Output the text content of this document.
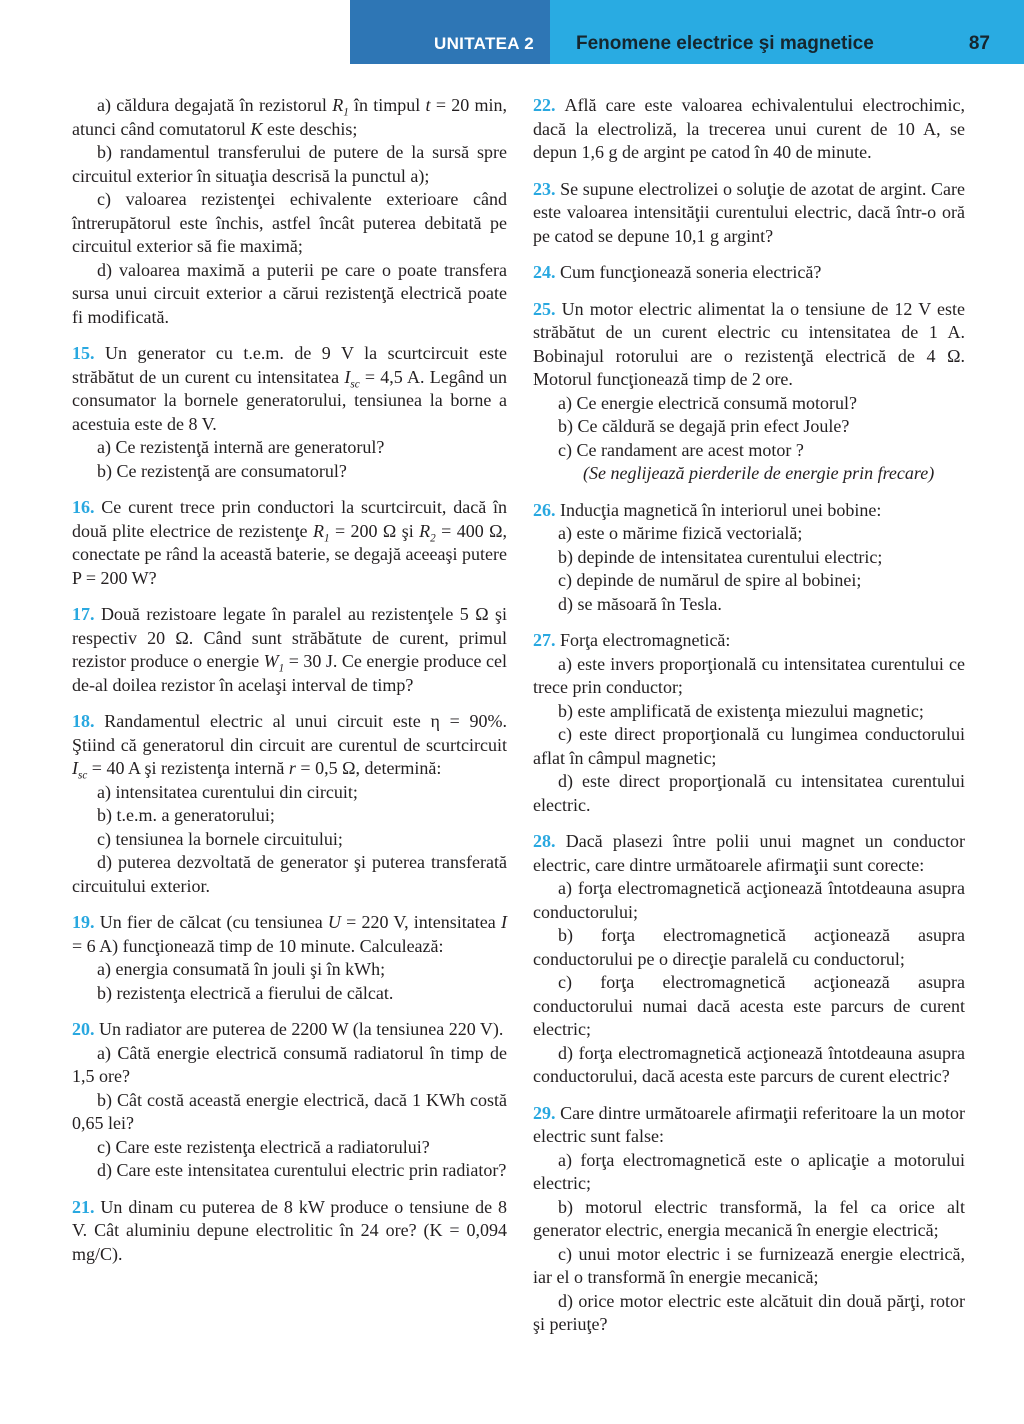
UNITATEA 2 Fenomene electrice şi magnetice	87

a) căldura degajată în rezistorul $R_1$ în timpul t = 20 min, atunci când comutatorul K este deschis;

b) randamentul transferului de putere de la sursă spre circuitul exterior în situaţia descrisă la punctul a);

c) valoarea rezistenţei echivalente exterioare când întrerupătorul este închis, astfel încât puterea debitată pe circuitul exterior să fie maximă;

d) valoarea maximă a puterii pe care o poate transfera sursa unui circuit exterior a cărui rezistenţă electrică poate fi modificată.

15. Un generator cu t.e.m. de 9 V la scurtcircuit este străbătut de un curent cu intensitatea $I_{sc} = 4,5$ A. Legând un consumator la bornele generatorului, tensiunea la borne a acestuia este de 8 V.

a) Ce rezistenţă internă are generatorul?

b) Ce rezistenţă are consumatorul?

16. Ce curent trece prin conductori la scurtcircuit, dacă în două plite electrice de rezistenţe $R_1 = 200$ Ω şi $R_2 = 400$ Ω, conectate pe rând la această baterie, se degajă aceeaşi putere P = 200 W?

17. Două rezistoare legate în paralel au rezistenţele 5 Ω şi respectiv 20 Ω. Când sunt străbătute de curent, primul rezistor produce o energie $W_1 = 30$ J. Ce energie produce cel de-al doilea rezistor în acelaşi interval de timp?

18. Randamentul electric al unui circuit este η = 90%. Ştiind că generatorul din circuit are curentul de scurtcircuit $I_{sc} = 40$ A şi rezistenţa internă r = 0,5 Ω, determină:

a) intensitatea curentului din circuit;

b) t.e.m. a generatorului;

c) tensiunea la bornele circuitului;

d) puterea dezvoltată de generator şi puterea transferată circuitului exterior.

19. Un fier de călcat (cu tensiunea U = 220 V, intensitatea I = 6 A) funcţionează timp de 10 minute. Calculează:

a) energia consumată în jouli şi în kWh;

b) rezistenţa electrică a fierului de călcat.

20. Un radiator are puterea de 2200 W (la tensiunea 220 V).

a) Câtă energie electrică consumă radiatorul în timp de 1,5 ore?

b) Cât costă această energie electrică, dacă 1 KWh costă 0,65 lei?

c) Care este rezistenţa electrică a radiatorului?

d) Care este intensitatea curentului electric prin radiator?

21. Un dinam cu puterea de 8 kW produce o tensiune de 8 V. Cât aluminiu depune electrolitic în 24 ore? (K = 0,094 mg/C).

22. Află care este valoarea echivalentului electrochimic, dacă la electroliză, la trecerea unui curent de 10 A, se depun 1,6 g de argint pe catod în 40 de minute.

23. Se supune electrolizei o soluţie de azotat de argint. Care este valoarea intensităţii curentului electric, dacă într-o oră pe catod se depune 10,1 g argint?

24. Cum funcţionează soneria electrică?

25. Un motor electric alimentat la o tensiune de 12 V este străbătut de un curent electric cu intensitatea de 1 A. Bobinajul rotorului are o rezistenţă electrică de 4 Ω. Motorul funcţionează timp de 2 ore.

a) Ce energie electrică consumă motorul?

b) Ce căldură se degajă prin efect Joule?

c) Ce randament are acest motor ?

(Se neglijează pierderile de energie prin frecare)

26. Inducţia magnetică în interiorul unei bobine:

a) este o mărime fizică vectorială;

b) depinde de intensitatea curentului electric;

c) depinde de numărul de spire al bobinei;

d) se măsoară în Tesla.

27. Forţa electromagnetică:

a) este invers proporţională cu intensitatea curentului ce trece prin conductor;

b) este amplificată de existenţa miezului magnetic;

c) este direct proporţională cu lungimea conductorului aflat în câmpul magnetic;

d) este direct proporţională cu intensitatea curentului electric.

28. Dacă plasezi între polii unui magnet un conductor electric, care dintre următoarele afirmaţii sunt corecte:

a) forţa electromagnetică acţionează întotdeauna asupra conductorului;

b) forţa electromagnetică acţionează asupra conductorului pe o direcţie paralelă cu conductorul;

c) forţa electromagnetică acţionează asupra conductorului numai dacă acesta este parcurs de curent electric;

d) forţa electromagnetică acţionează întotdeauna asupra conductorului, dacă acesta este parcurs de curent electric?

29. Care dintre următoarele afirmaţii referitoare la un motor electric sunt false:

a) forţa electromagnetică este o aplicaţie a motorului electric;

b) motorul electric transformă, la fel ca orice alt generator electric, energia mecanică în energie electrică;

c) unui motor electric i se furnizează energie electrică, iar el o transformă în energie mecanică;

d) orice motor electric este alcătuit din două părţi, rotor şi periuţe?
